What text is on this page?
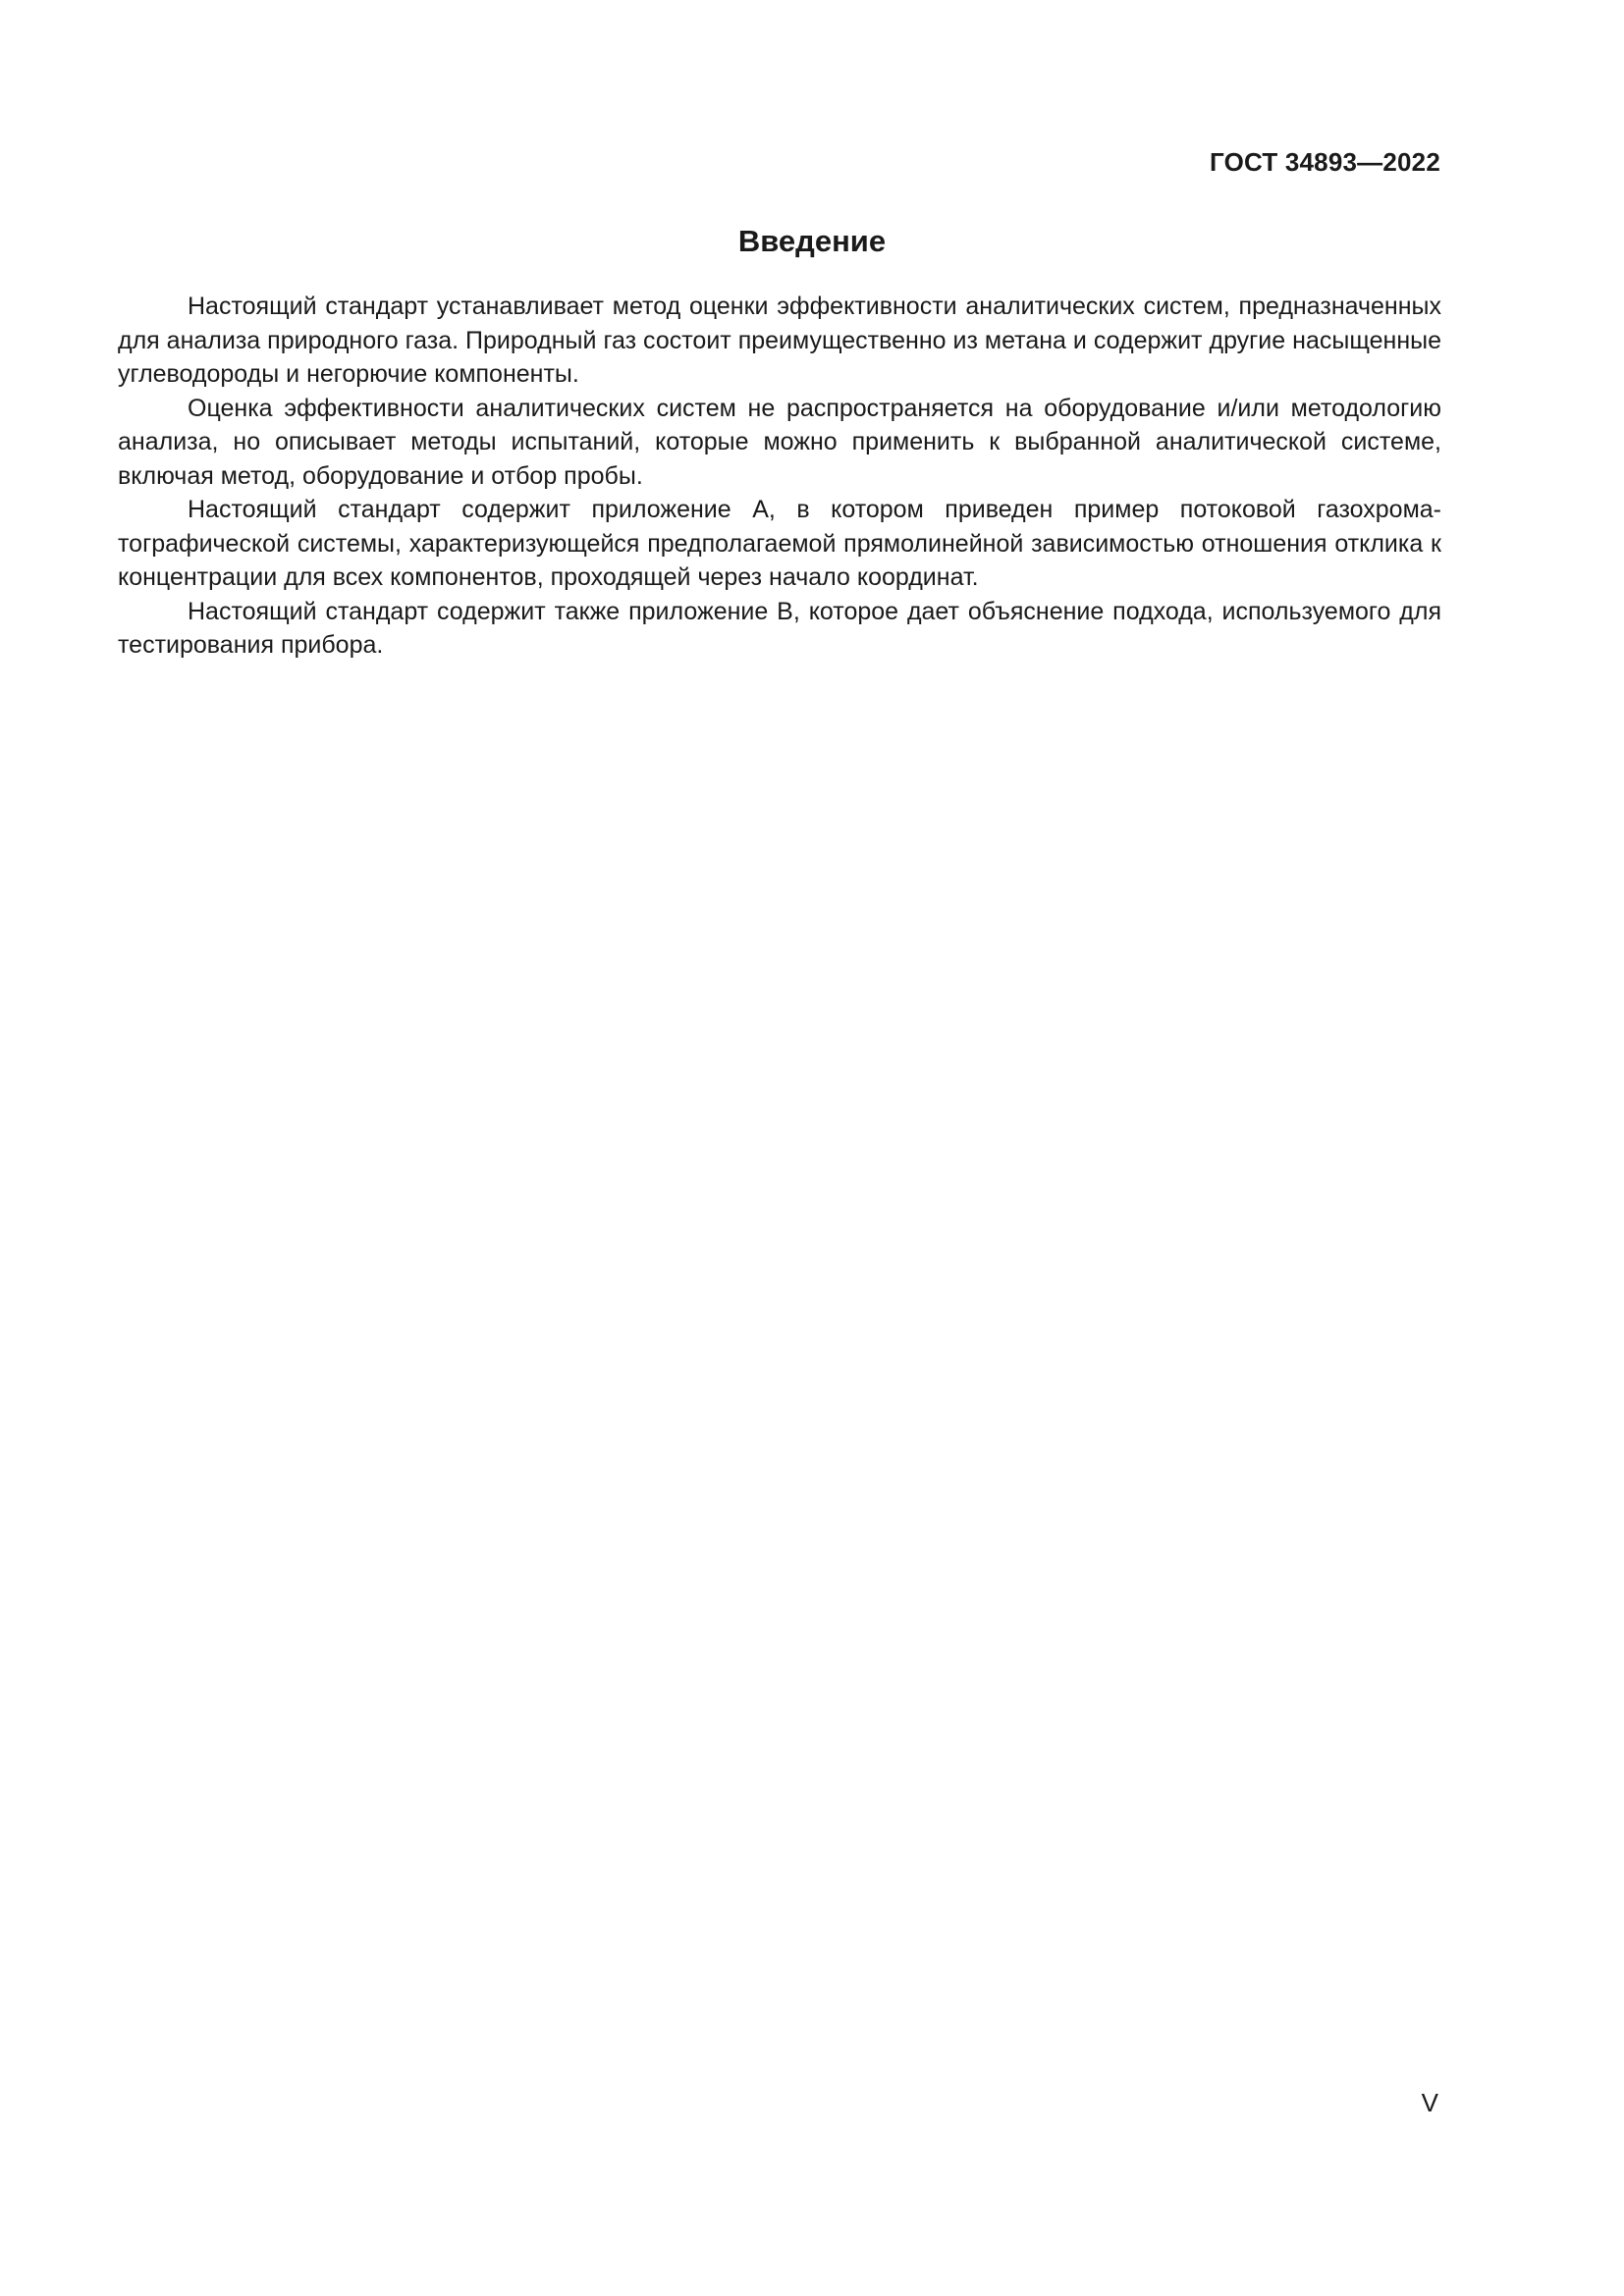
ГОСТ 34893—2022
Введение

Настоящий стандарт устанавливает метод оценки эффективности аналитических систем, предназначенных для анализа природного газа. Природный газ состоит преимущественно из метана и содержит другие насыщенные углеводороды и негорючие компоненты.

Оценка эффективности аналитических систем не распространяется на оборудование и/или методологию анализа, но описывает методы испытаний, которые можно применить к выбранной аналитической системе, включая метод, оборудование и отбор пробы.

Настоящий стандарт содержит приложение А, в котором приведен пример потоковой газохроматографической системы, характеризующейся предполагаемой прямолинейной зависимостью отношения отклика к концентрации для всех компонентов, проходящей через начало координат.

Настоящий стандарт содержит также приложение В, которое дает объяснение подхода, используемого для тестирования прибора.

V
